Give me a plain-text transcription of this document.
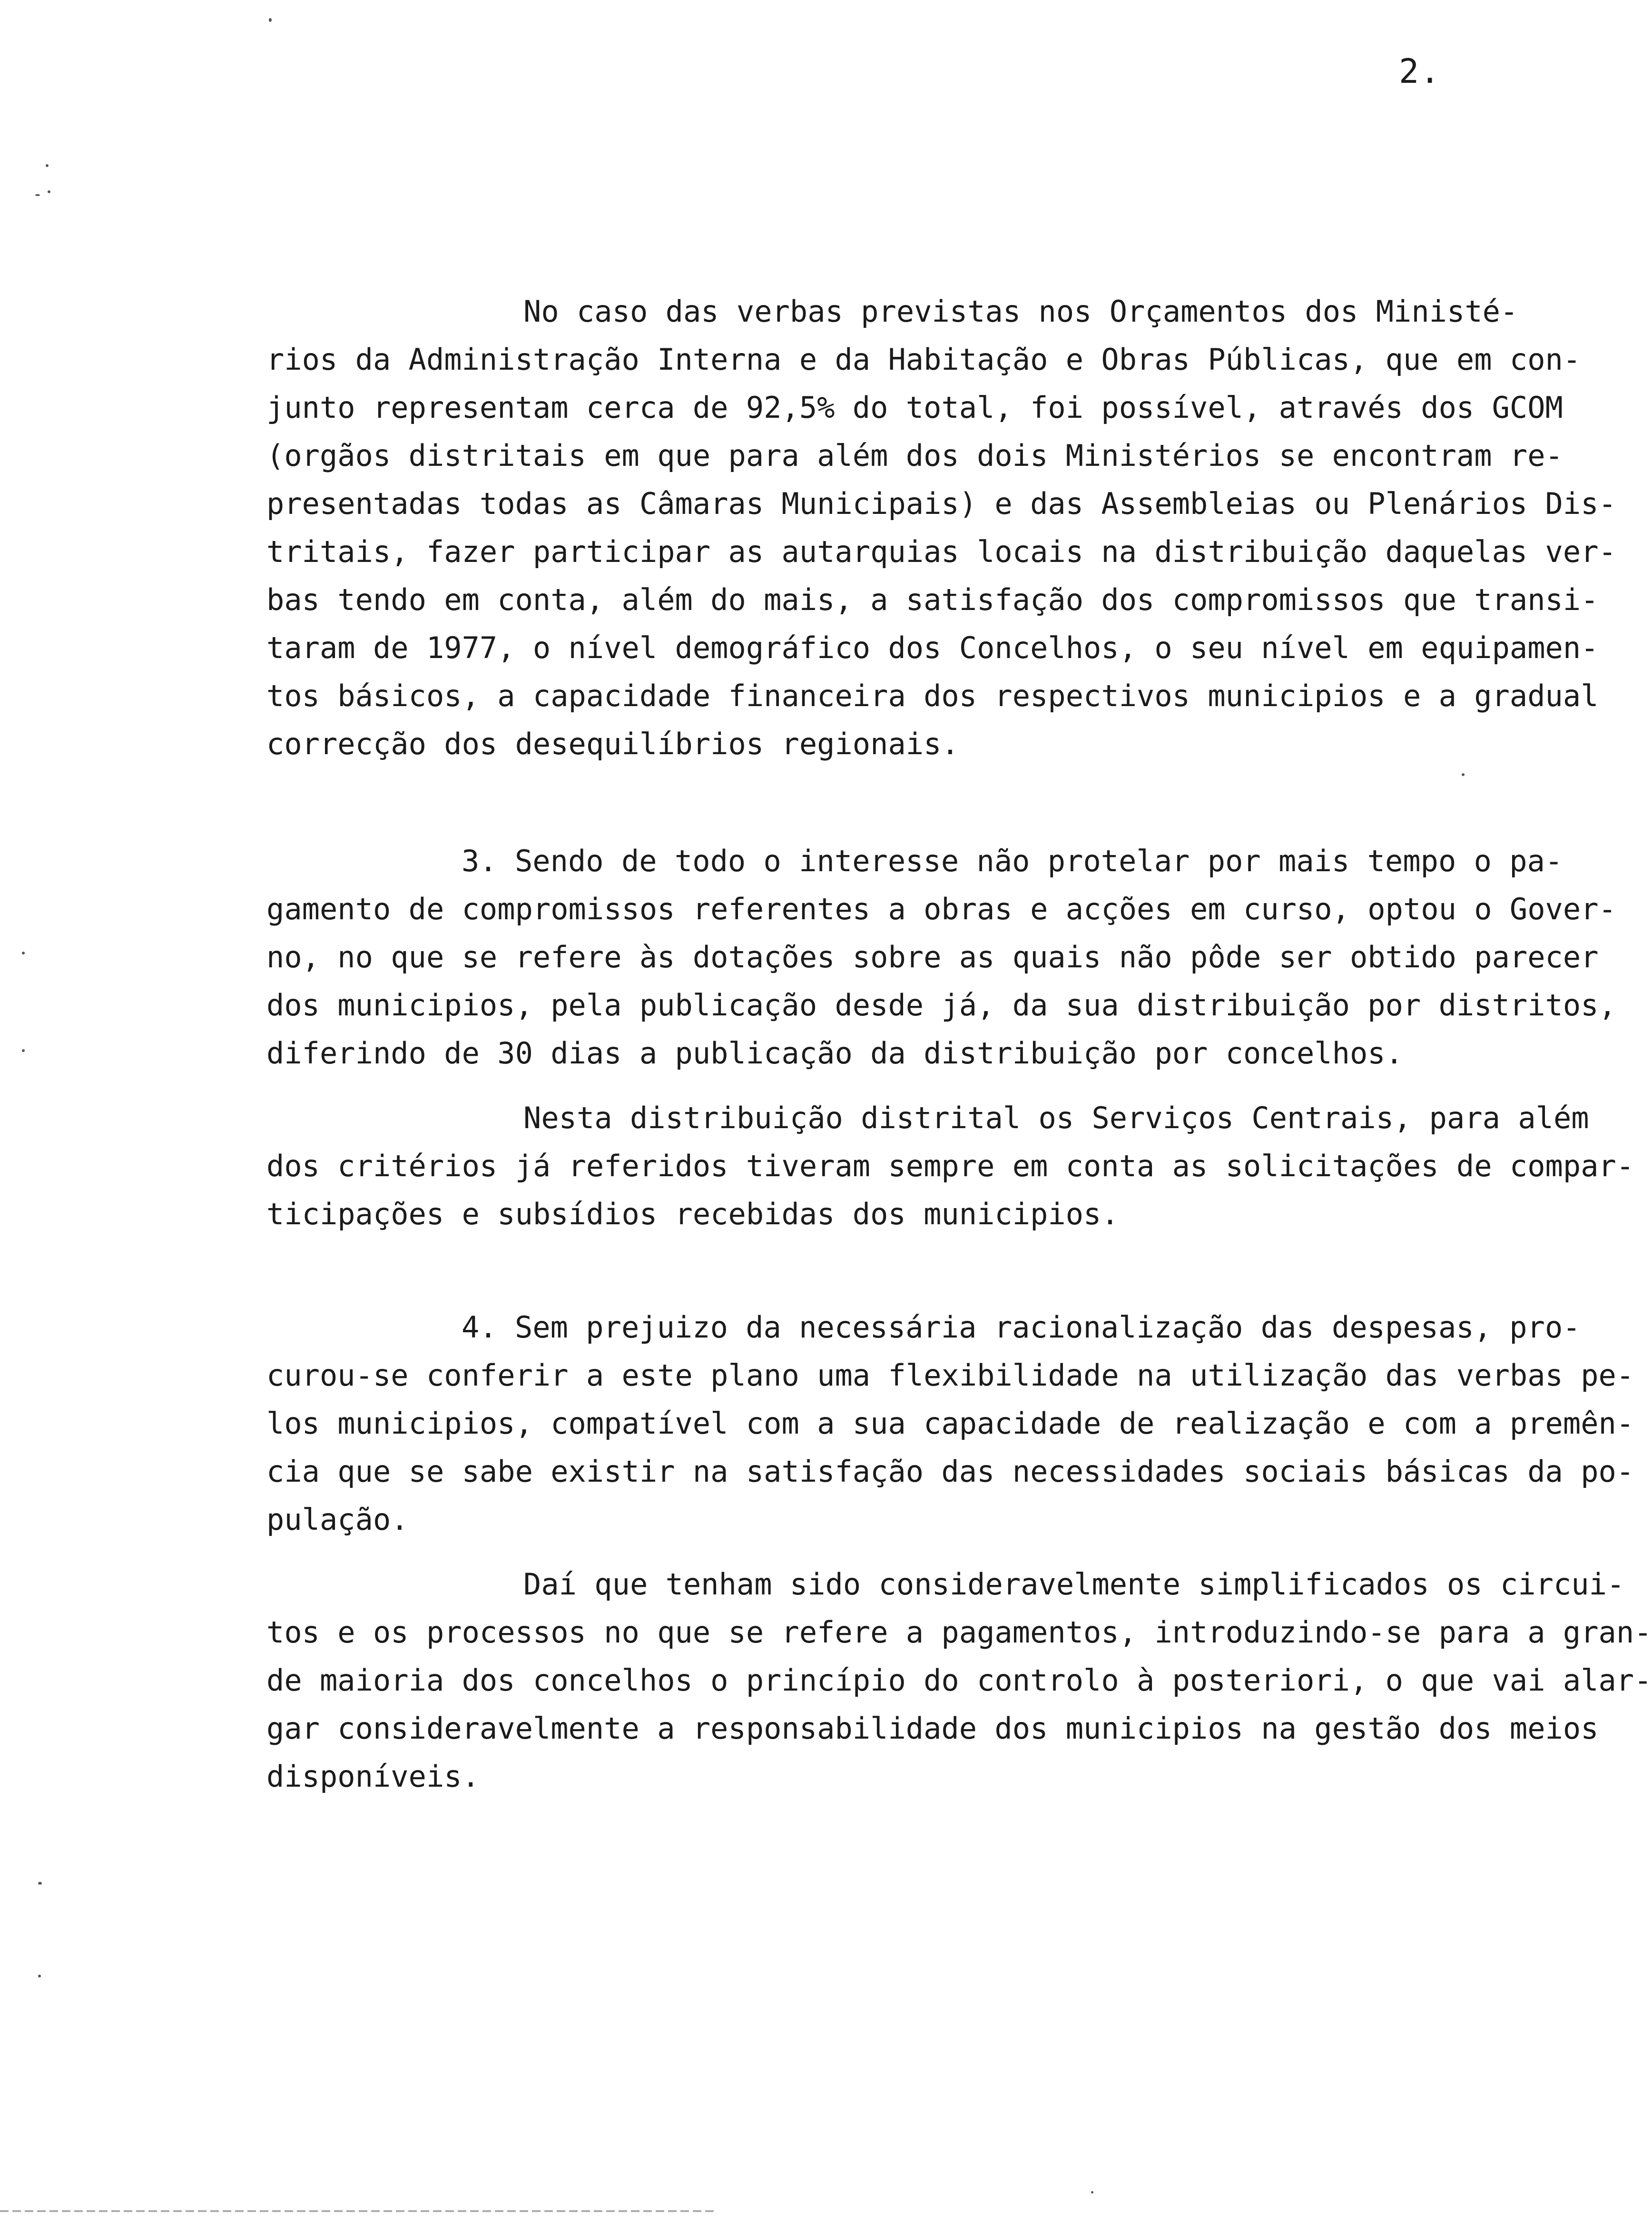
2.
No caso das verbas previstas nos Orçamentos dos Ministé-
rios da Administração Interna e da Habitação e Obras Públicas, que em con-
junto representam cerca de 92,5% do total, foi possível, através dos GCOM
(orgãos distritais em que para além dos dois Ministérios se encontram re-
presentadas todas as Câmaras Municipais) e das Assembleias ou Plenários Dis-
tritais, fazer participar as autarquias locais na distribuição daquelas ver-
bas tendo em conta, além do mais, a satisfação dos compromissos que transi-
taram de 1977, o nível demográfico dos Concelhos, o seu nível em equipamen-
tos básicos, a capacidade financeira dos respectivos municipios e a gradual
correcção dos desequilíbrios regionais.
3. Sendo de todo o interesse não protelar por mais tempo o pa-
gamento de compromissos referentes a obras e acções em curso, optou o Gover-
no, no que se refere às dotações sobre as quais não pôde ser obtido parecer
dos municipios, pela publicação desde já, da sua distribuição por distritos,
diferindo de 30 dias a publicação da distribuição por concelhos.
Nesta distribuição distrital os Serviços Centrais, para além
dos critérios já referidos tiveram sempre em conta as solicitações de compar-
ticipações e subsídios recebidas dos municipios.
4. Sem prejuizo da necessária racionalização das despesas, pro-
curou-se conferir a este plano uma flexibilidade na utilização das verbas pe-
los municipios, compatível com a sua capacidade de realização e com a premên-
cia que se sabe existir na satisfação das necessidades sociais básicas da po-
pulação.
Daí que tenham sido consideravelmente simplificados os circui-
tos e os processos no que se refere a pagamentos, introduzindo-se para a gran-
de maioria dos concelhos o princípio do controlo à posteriori, o que vai alar-
gar consideravelmente a responsabilidade dos municipios na gestão dos meios
disponíveis.
